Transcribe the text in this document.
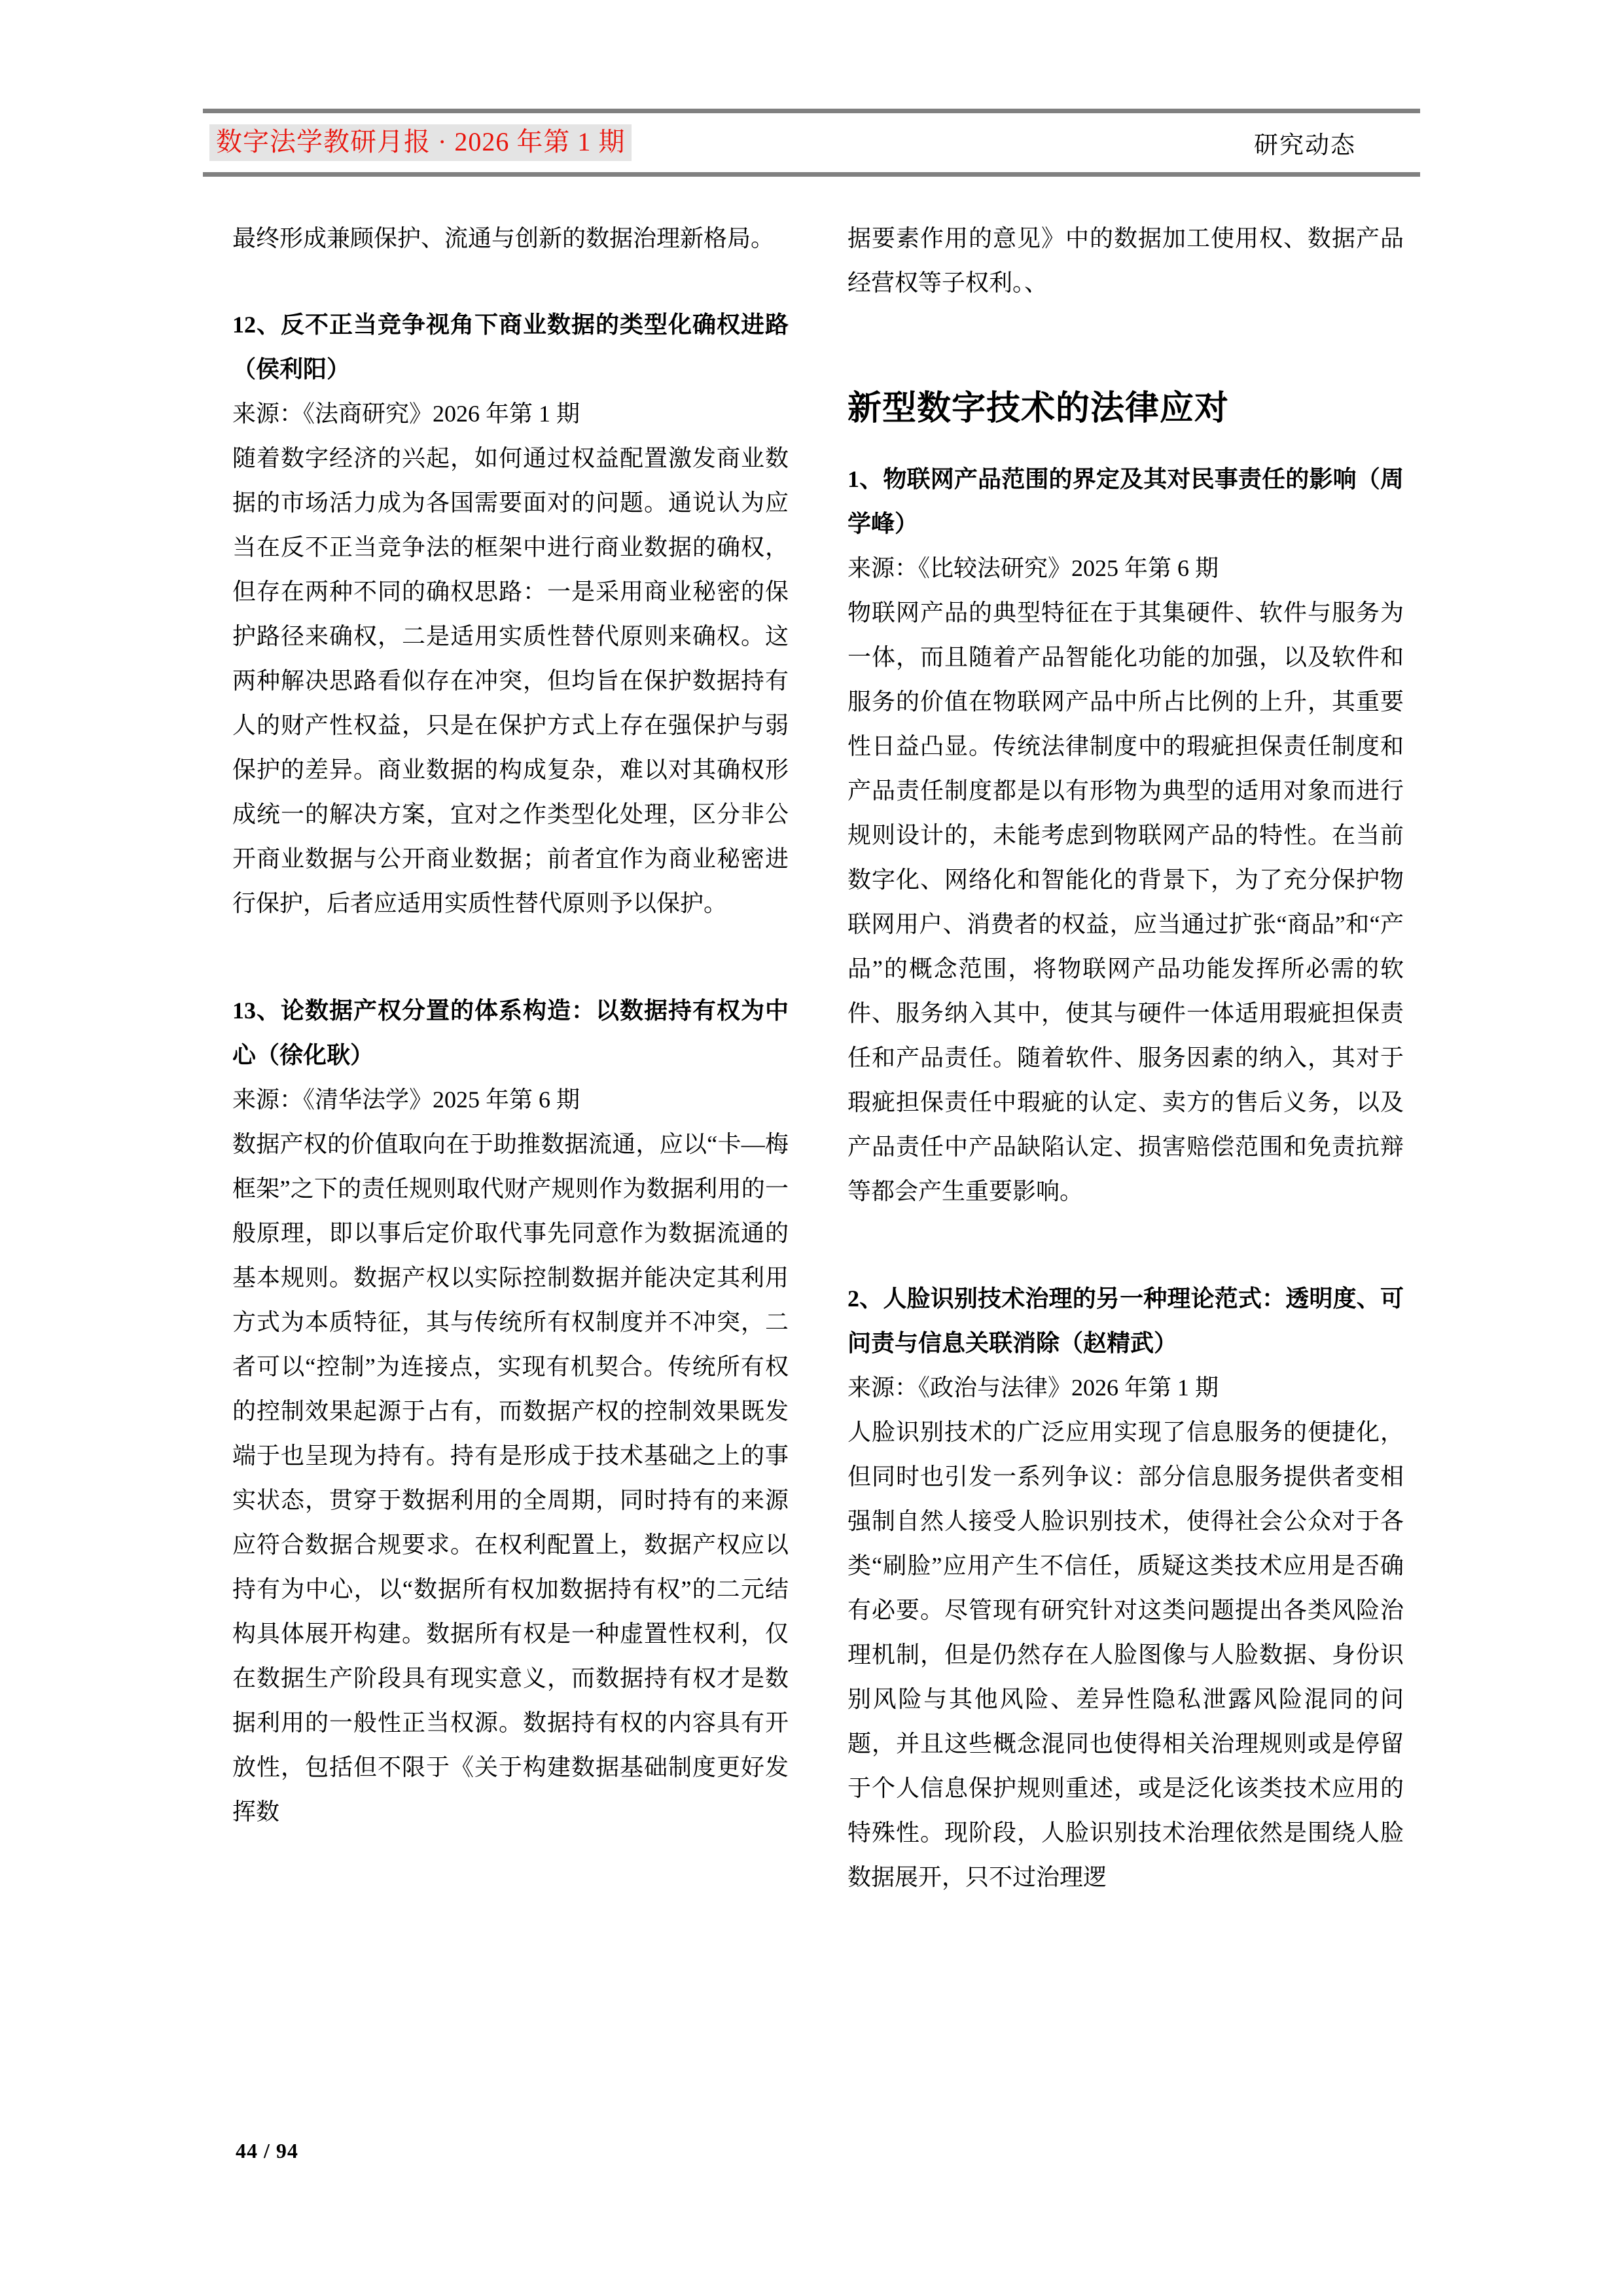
数字法学教研月报 · 2026 年第 1 期	研究动态

最终形成兼顾保护、流通与创新的数据治理新格局。

12、反不正当竞争视角下商业数据的类型化确权进路（侯利阳）

来源：《法商研究》2026 年第 1 期

随着数字经济的兴起，如何通过权益配置激发商业数据的市场活力成为各国需要面对的问题。通说认为应当在反不正当竞争法的框架中进行商业数据的确权，但存在两种不同的确权思路：一是采用商业秘密的保护路径来确权，二是适用实质性替代原则来确权。这两种解决思路看似存在冲突，但均旨在保护数据持有人的财产性权益，只是在保护方式上存在强保护与弱保护的差异。商业数据的构成复杂，难以对其确权形成统一的解决方案，宜对之作类型化处理，区分非公开商业数据与公开商业数据；前者宜作为商业秘密进行保护，后者应适用实质性替代原则予以保护。

13、论数据产权分置的体系构造：以数据持有权为中心（徐化耿）

来源：《清华法学》2025 年第 6 期

数据产权的价值取向在于助推数据流通，应以“卡—梅框架”之下的责任规则取代财产规则作为数据利用的一般原理，即以事后定价取代事先同意作为数据流通的基本规则。数据产权以实际控制数据并能决定其利用方式为本质特征，其与传统所有权制度并不冲突，二者可以“控制”为连接点，实现有机契合。传统所有权的控制效果起源于占有，而数据产权的控制效果既发端于也呈现为持有。持有是形成于技术基础之上的事实状态，贯穿于数据利用的全周期，同时持有的来源应符合数据合规要求。在权利配置上，数据产权应以持有为中心，以“数据所有权加数据持有权”的二元结构具体展开构建。数据所有权是一种虚置性权利，仅在数据生产阶段具有现实意义，而数据持有权才是数据利用的一般性正当权源。数据持有权的内容具有开放性，包括但不限于《关于构建数据基础制度更好发挥数

据要素作用的意见》中的数据加工使用权、数据产品经营权等子权利。、

新型数字技术的法律应对
1、物联网产品范围的界定及其对民事责任的影响（周学峰）

来源：《比较法研究》2025 年第 6 期

物联网产品的典型特征在于其集硬件、软件与服务为一体，而且随着产品智能化功能的加强，以及软件和服务的价值在物联网产品中所占比例的上升，其重要性日益凸显。传统法律制度中的瑕疵担保责任制度和产品责任制度都是以有形物为典型的适用对象而进行规则设计的，未能考虑到物联网产品的特性。在当前数字化、网络化和智能化的背景下，为了充分保护物联网用户、消费者的权益，应当通过扩张“商品”和“产品”的概念范围，将物联网产品功能发挥所必需的软件、服务纳入其中，使其与硬件一体适用瑕疵担保责任和产品责任。随着软件、服务因素的纳入，其对于瑕疵担保责任中瑕疵的认定、卖方的售后义务，以及产品责任中产品缺陷认定、损害赔偿范围和免责抗辩等都会产生重要影响。

2、人脸识别技术治理的另一种理论范式：透明度、可问责与信息关联消除（赵精武）

来源：《政治与法律》2026 年第 1 期

人脸识别技术的广泛应用实现了信息服务的便捷化，但同时也引发一系列争议：部分信息服务提供者变相强制自然人接受人脸识别技术，使得社会公众对于各类“刷脸”应用产生不信任，质疑这类技术应用是否确有必要。尽管现有研究针对这类问题提出各类风险治理机制，但是仍然存在人脸图像与人脸数据、身份识别风险与其他风险、差异性隐私泄露风险混同的问题，并且这些概念混同也使得相关治理规则或是停留于个人信息保护规则重述，或是泛化该类技术应用的特殊性。现阶段，人脸识别技术治理依然是围绕人脸数据展开，只不过治理逻

44 / 94
